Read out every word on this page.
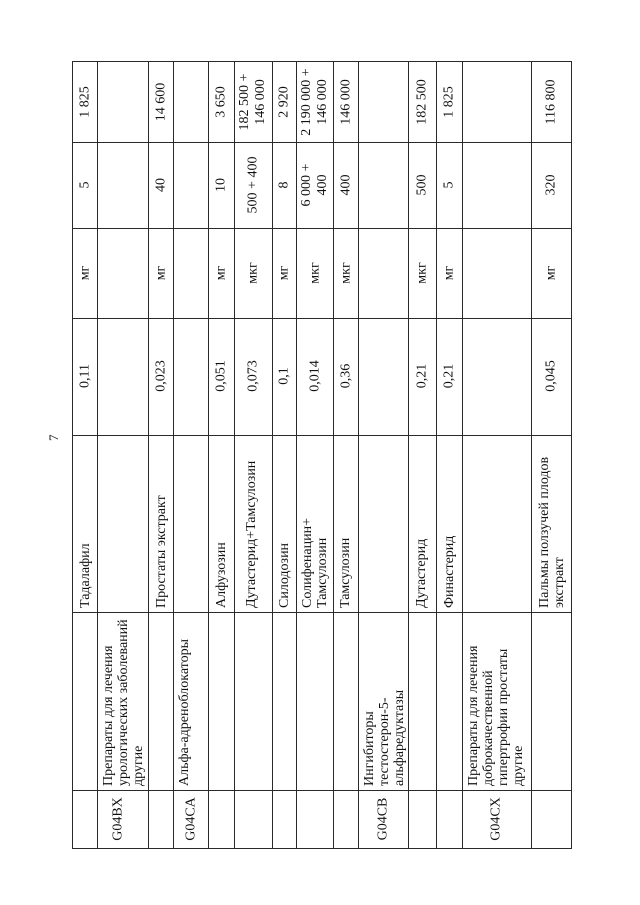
7
Тадалафил
0,11
мг
5
1 825
G04BX
Препараты для лечения урологических заболеваний другие
Простаты экстракт
0,023
мг
40
14 600
G04CA
Альфа-адреноблокаторы
Алфузозин
0,051
мг
10
3 650
Дутастерид+Тамсулозин
0,073
мкг
500 + 400
182 500 + 146 000
Силодозин
0,1
мг
8
2 920
Солифенацин+ Тамсулозин
0,014
мкг
6 000 + 400
2 190 000 + 146 000
Тамсулозин
0,36
мкг
400
146 000
G04CB
Ингибиторы тестостерон-5-альфаредуктазы
Дутастерид
0,21
мкг
500
182 500
Финастерид
0,21
мг
5
1 825
G04CX
Препараты для лечения доброкачественной гипертрофии простаты другие
Пальмы ползучей плодов экстракт
0,045
мг
320
116 800
